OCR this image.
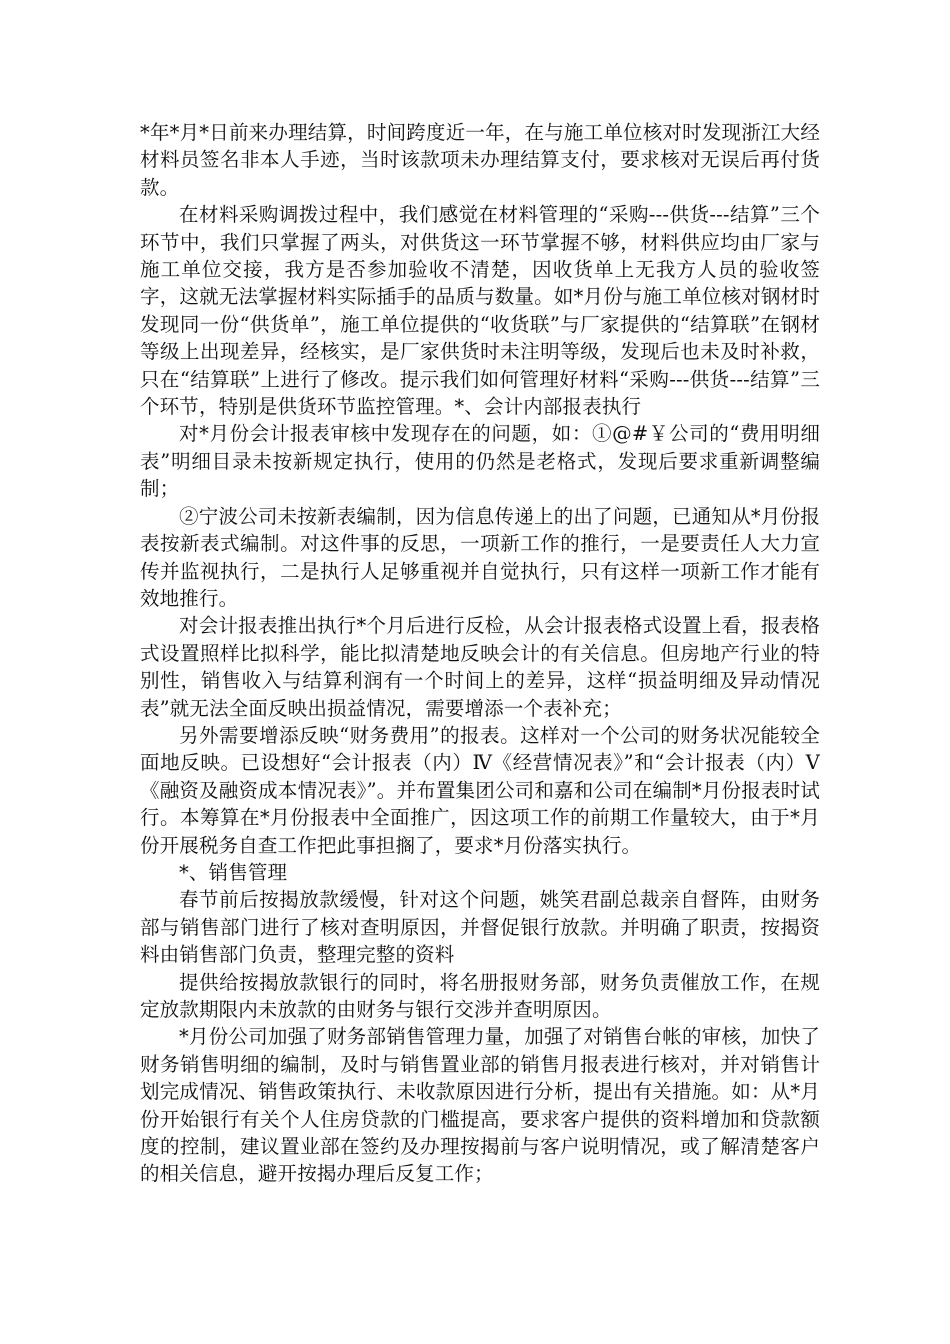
*年*月*日前来办理结算，时间跨度近一年，在与施工单位核对时发现浙江大经材料员签名非本人手迹，当时该款项未办理结算支付，要求核对无误后再付货款。

在材料采购调拨过程中，我们感觉在材料管理的“采购---供货---结算”三个环节中，我们只掌握了两头，对供货这一环节掌握不够，材料供应均由厂家与施工单位交接，我方是否参加验收不清楚，因收货单上无我方人员的验收签字，这就无法掌握材料实际插手的品质与数量。如*月份与施工单位核对钢材时发现同一份“供货单”，施工单位提供的“收货联”与厂家提供的“结算联”在钢材等级上出现差异，经核实，是厂家供货时未注明等级，发现后也未及时补救，只在“结算联”上进行了修改。提示我们如何管理好材料“采购---供货---结算”三个环节，特别是供货环节监控管理。*、会计内部报表执行

对*月份会计报表审核中发现存在的问题，如：①@#￥公司的“费用明细表”明细目录未按新规定执行，使用的仍然是老格式，发现后要求重新调整编制；

②宁波公司未按新表编制，因为信息传递上的出了问题，已通知从*月份报表按新表式编制。对这件事的反思，一项新工作的推行，一是要责任人大力宣传并监视执行，二是执行人足够重视并自觉执行，只有这样一项新工作才能有效地推行。

对会计报表推出执行*个月后进行反检，从会计报表格式设置上看，报表格式设置照样比拟科学，能比拟清楚地反映会计的有关信息。但房地产行业的特别性，销售收入与结算利润有一个时间上的差异，这样“损益明细及异动情况表”就无法全面反映出损益情况，需要增添一个表补充；

另外需要增添反映“财务费用”的报表。这样对一个公司的财务状况能较全面地反映。已设想好“会计报表（内）Ⅳ《经营情况表》”和“会计报表（内）Ⅴ《融资及融资成本情况表》”。并布置集团公司和嘉和公司在编制*月份报表时试行。本筹算在*月份报表中全面推广，因这项工作的前期工作量较大，由于*月份开展税务自查工作把此事担搁了，要求*月份落实执行。

*、销售管理

春节前后按揭放款缓慢，针对这个问题，姚笑君副总裁亲自督阵，由财务部与销售部门进行了核对查明原因，并督促银行放款。并明确了职责，按揭资料由销售部门负责，整理完整的资料

提供给按揭放款银行的同时，将名册报财务部，财务负责催放工作，在规定放款期限内未放款的由财务与银行交涉并查明原因。

*月份公司加强了财务部销售管理力量，加强了对销售台帐的审核，加快了财务销售明细的编制，及时与销售置业部的销售月报表进行核对，并对销售计划完成情况、销售政策执行、未收款原因进行分析，提出有关措施。如：从*月份开始银行有关个人住房贷款的门槛提高，要求客户提供的资料增加和贷款额度的控制，建议置业部在签约及办理按揭前与客户说明情况，或了解清楚客户的相关信息，避开按揭办理后反复工作；
